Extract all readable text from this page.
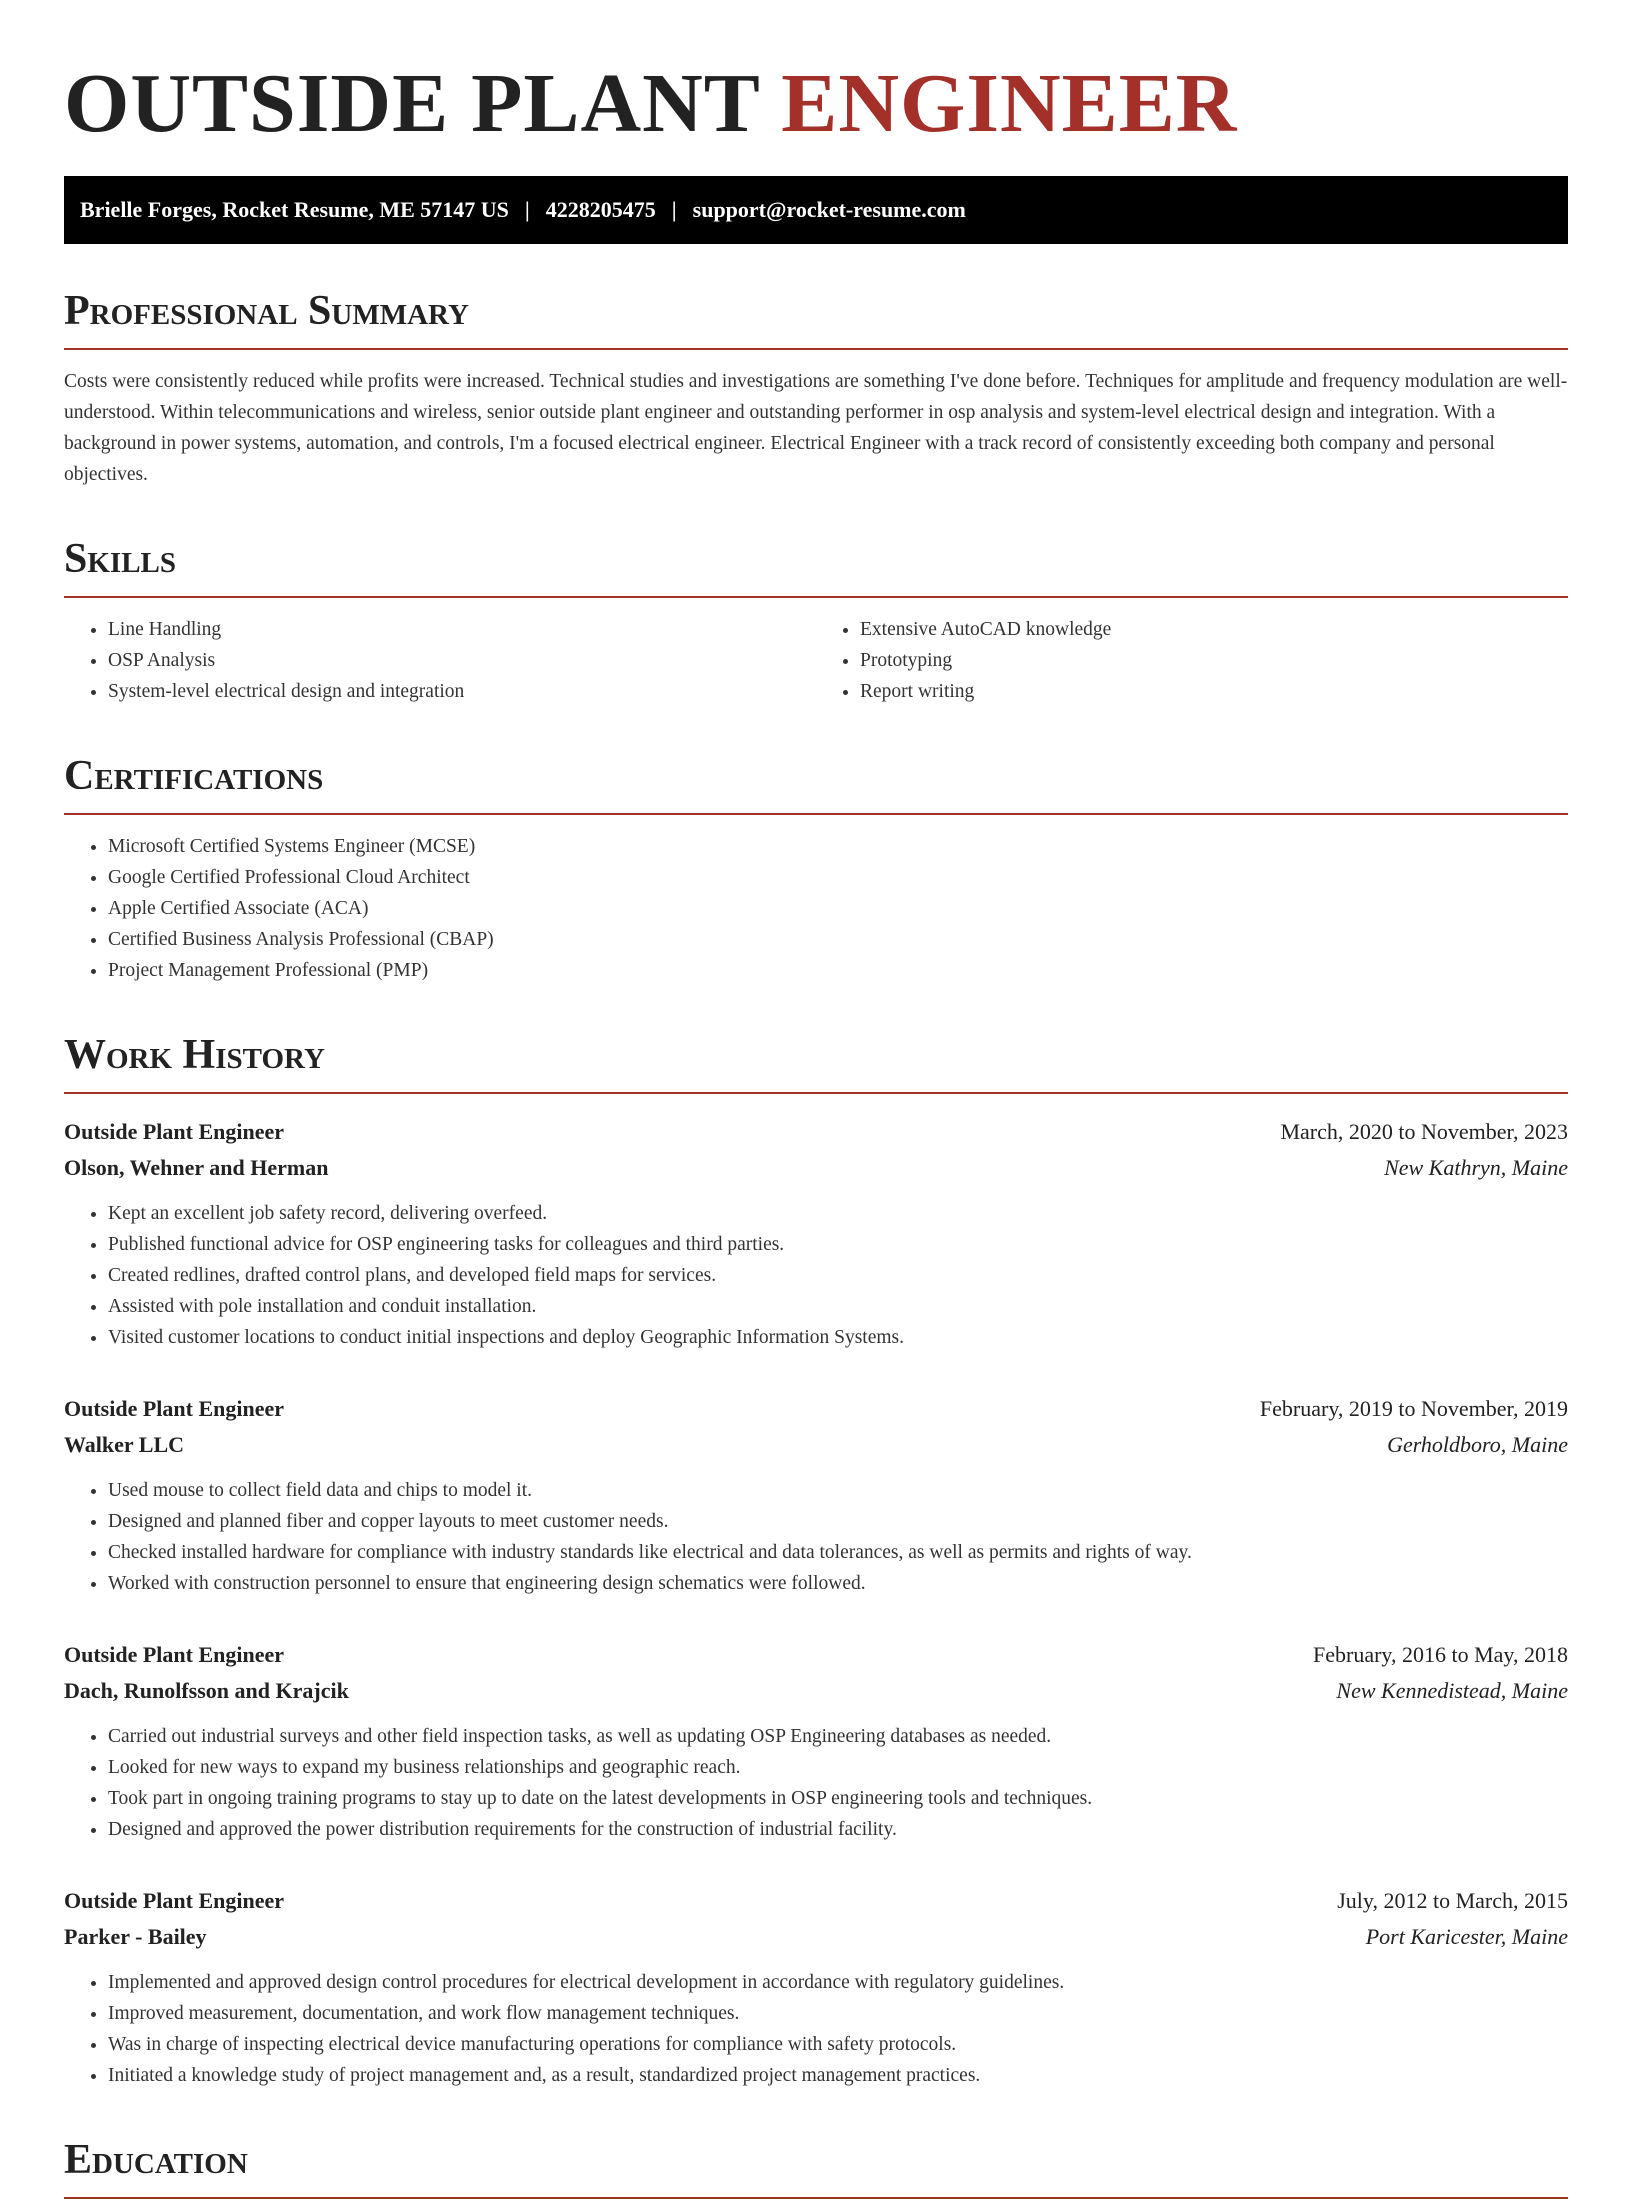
OUTSIDE PLANT ENGINEER
Brielle Forges, Rocket Resume, ME 57147 US | 4228205475 | support@rocket-resume.com
Professional Summary

Costs were consistently reduced while profits were increased. Technical studies and investigations are something I've done before. Techniques for amplitude and frequency modulation are well-understood. Within telecommunications and wireless, senior outside plant engineer and outstanding performer in osp analysis and system-level electrical design and integration. With a background in power systems, automation, and controls, I'm a focused electrical engineer. Electrical Engineer with a track record of consistently exceeding both company and personal objectives.

Skills
• Line Handling
• OSP Analysis
• System-level electrical design and integration
• Extensive AutoCAD knowledge
• Prototyping
• Report writing
Certifications
• Microsoft Certified Systems Engineer (MCSE)
• Google Certified Professional Cloud Architect
• Apple Certified Associate (ACA)
• Certified Business Analysis Professional (CBAP)
• Project Management Professional (PMP)
Work History
Outside Plant Engineer	March, 2020 to November, 2023
Olson, Wehner and Herman	New Kathryn, Maine
• Kept an excellent job safety record, delivering overfeed.
• Published functional advice for OSP engineering tasks for colleagues and third parties.
• Created redlines, drafted control plans, and developed field maps for services.
• Assisted with pole installation and conduit installation.
• Visited customer locations to conduct initial inspections and deploy Geographic Information Systems.
Outside Plant Engineer	February, 2019 to November, 2019
Walker LLC	Gerholdboro, Maine
• Used mouse to collect field data and chips to model it.
• Designed and planned fiber and copper layouts to meet customer needs.
• Checked installed hardware for compliance with industry standards like electrical and data tolerances, as well as permits and rights of way.
• Worked with construction personnel to ensure that engineering design schematics were followed.
Outside Plant Engineer	February, 2016 to May, 2018
Dach, Runolfsson and Krajcik	New Kennedistead, Maine
• Carried out industrial surveys and other field inspection tasks, as well as updating OSP Engineering databases as needed.
• Looked for new ways to expand my business relationships and geographic reach.
• Took part in ongoing training programs to stay up to date on the latest developments in OSP engineering tools and techniques.
• Designed and approved the power distribution requirements for the construction of industrial facility.
Outside Plant Engineer	July, 2012 to March, 2015
Parker - Bailey	Port Karicester, Maine
• Implemented and approved design control procedures for electrical development in accordance with regulatory guidelines.
• Improved measurement, documentation, and work flow management techniques.
• Was in charge of inspecting electrical device manufacturing operations for compliance with safety protocols.
• Initiated a knowledge study of project management and, as a result, standardized project management practices.
Education
